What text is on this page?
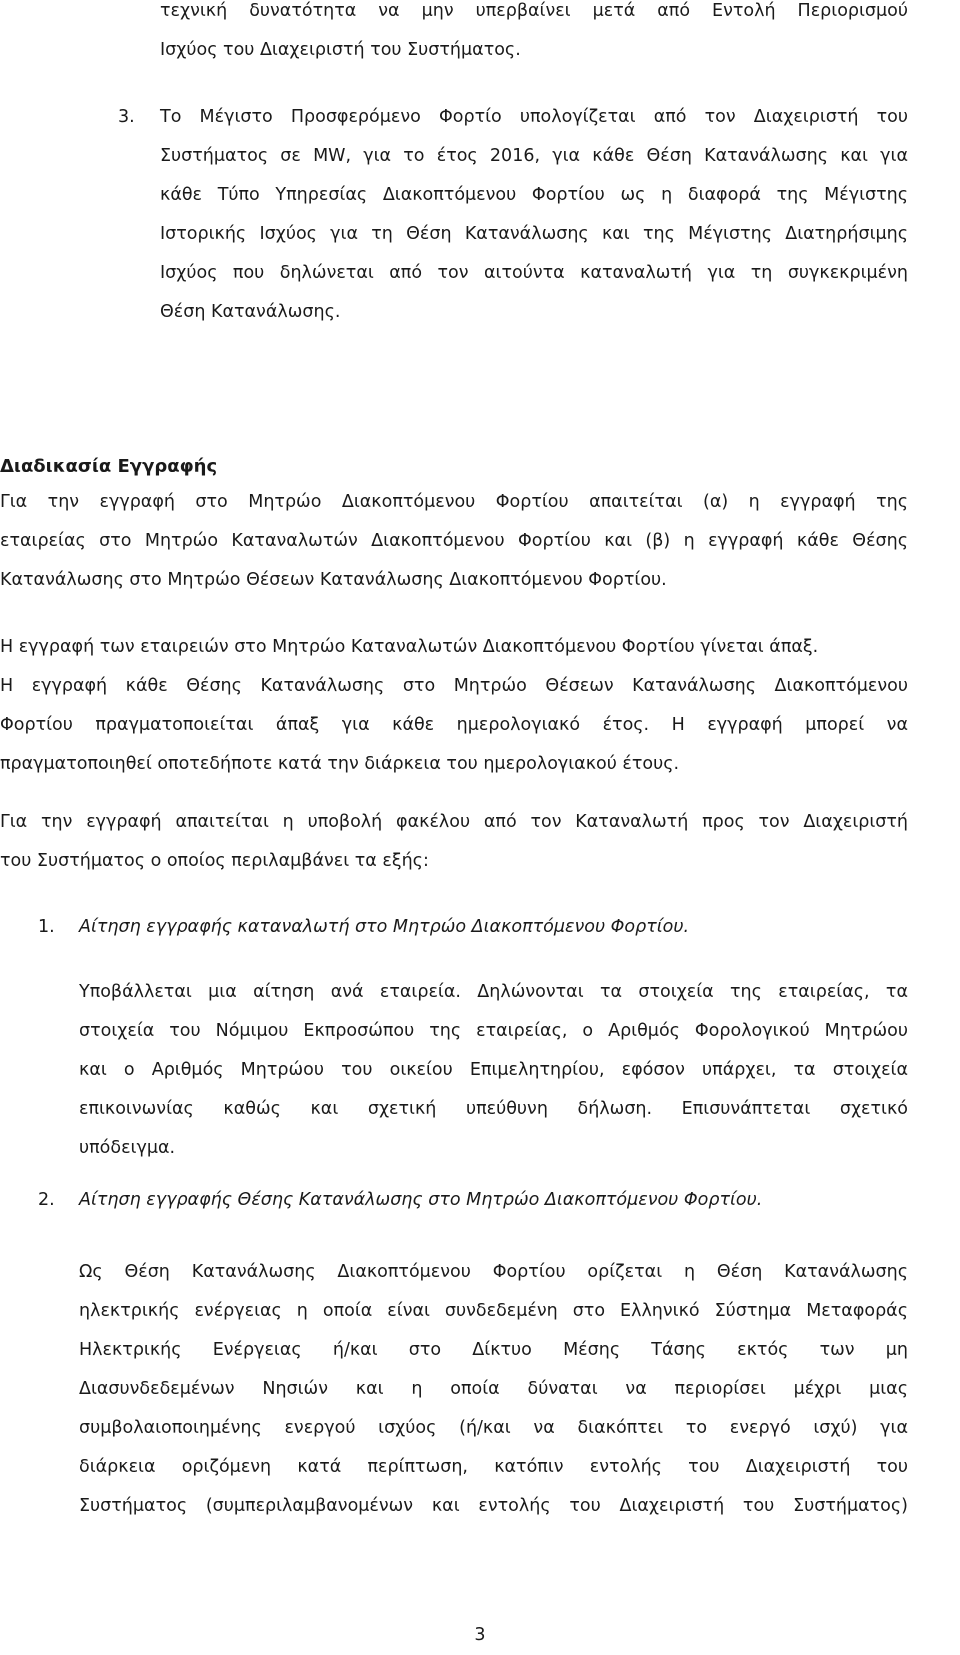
τεχνική δυνατότητα να μην υπερβαίνει μετά από Εντολή Περιορισμού

Ισχύος του Διαχειριστή του Συστήματος.

3. Το Μέγιστο Προσφερόμενο Φορτίο υπολογίζεται από τον Διαχειριστή του

Συστήματος σε MW, για το έτος 2016, για κάθε Θέση Κατανάλωσης και για

κάθε Τύπο Υπηρεσίας Διακοπτόμενου Φορτίου ως η διαφορά της Μέγιστης

Ιστορικής Ισχύος για τη Θέση Κατανάλωσης και της Μέγιστης Διατηρήσιμης

Ισχύος που δηλώνεται από τον αιτούντα καταναλωτή για τη συγκεκριμένη

Θέση Κατανάλωσης.

Διαδικασία Εγγραφής

Για την εγγραφή στο Μητρώο Διακοπτόμενου Φορτίου απαιτείται (α) η εγγραφή της

εταιρείας στο Μητρώο Καταναλωτών Διακοπτόμενου Φορτίου και (β) η εγγραφή κάθε Θέσης

Κατανάλωσης στο Μητρώο Θέσεων Κατανάλωσης Διακοπτόμενου Φορτίου.

Η εγγραφή των εταιρειών στο Μητρώο Καταναλωτών Διακοπτόμενου Φορτίου γίνεται άπαξ.

Η εγγραφή κάθε Θέσης Κατανάλωσης στο Μητρώο Θέσεων Κατανάλωσης Διακοπτόμενου

Φορτίου πραγματοποιείται άπαξ για κάθε ημερολογιακό έτος. Η εγγραφή μπορεί να

πραγματοποιηθεί οποτεδήποτε κατά την διάρκεια του ημερολογιακού έτους.

Για την εγγραφή απαιτείται η υποβολή φακέλου από τον Καταναλωτή προς τον Διαχειριστή

του Συστήματος ο οποίος περιλαμβάνει τα εξής:

1. Αίτηση εγγραφής καταναλωτή στο Μητρώο Διακοπτόμενου Φορτίου.

Υποβάλλεται μια αίτηση ανά εταιρεία. Δηλώνονται τα στοιχεία της εταιρείας, τα

στοιχεία του Νόμιμου Εκπροσώπου της εταιρείας, ο Αριθμός Φορολογικού Μητρώου

και ο Αριθμός Μητρώου του οικείου Επιμελητηρίου, εφόσον υπάρχει, τα στοιχεία

επικοινωνίας καθώς και σχετική υπεύθυνη δήλωση. Επισυνάπτεται σχετικό

υπόδειγμα.

2. Αίτηση εγγραφής Θέσης Κατανάλωσης στο Μητρώο Διακοπτόμενου Φορτίου.

Ως Θέση Κατανάλωσης Διακοπτόμενου Φορτίου ορίζεται η Θέση Κατανάλωσης

ηλεκτρικής ενέργειας η οποία είναι συνδεδεμένη στο Ελληνικό Σύστημα Μεταφοράς

Ηλεκτρικής Ενέργειας ή/και στο Δίκτυο Μέσης Τάσης εκτός των μη

Διασυνδεδεμένων Νησιών και η οποία δύναται να περιορίσει μέχρι μιας

συμβολαιοποιημένης ενεργού ισχύος (ή/και να διακόπτει το ενεργό ισχύ) για

διάρκεια οριζόμενη κατά περίπτωση, κατόπιν εντολής του Διαχειριστή του

Συστήματος (συμπεριλαμβανομένων και εντολής του Διαχειριστή του Συστήματος)

3
